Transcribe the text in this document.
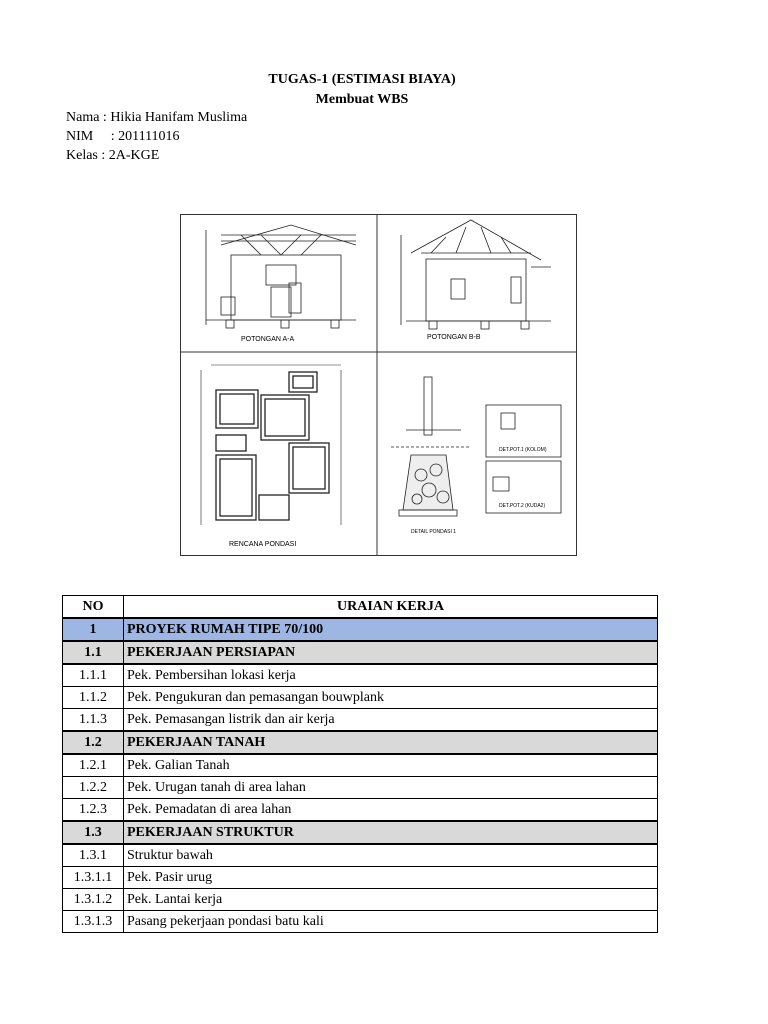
TUGAS-1 (ESTIMASI BIAYA)
Membuat WBS
Nama : Hikia Hanifam Muslima
NIM     : 201111016
Kelas : 2A-KGE
POTONGAN A-A	POTONGAN B-B
RENCANA PONDASI
DETAIL PONDASI 1
DET.POT.1 (KOLOM)
DET.POT.2 (KUDA2)
NO	URAIAN KERJA
1	PROYEK RUMAH TIPE 70/100
1.1	PEKERJAAN PERSIAPAN
1.1.1	Pek. Pembersihan lokasi kerja
1.1.2	Pek. Pengukuran dan pemasangan bouwplank
1.1.3	Pek. Pemasangan listrik dan air kerja
1.2	PEKERJAAN TANAH
1.2.1	Pek. Galian Tanah
1.2.2	Pek. Urugan tanah di area lahan
1.2.3	Pek. Pemadatan di area lahan
1.3	PEKERJAAN STRUKTUR
1.3.1	Struktur bawah
1.3.1.1	Pek. Pasir urug
1.3.1.2	Pek. Lantai kerja
1.3.1.3	Pasang pekerjaan pondasi batu kali
